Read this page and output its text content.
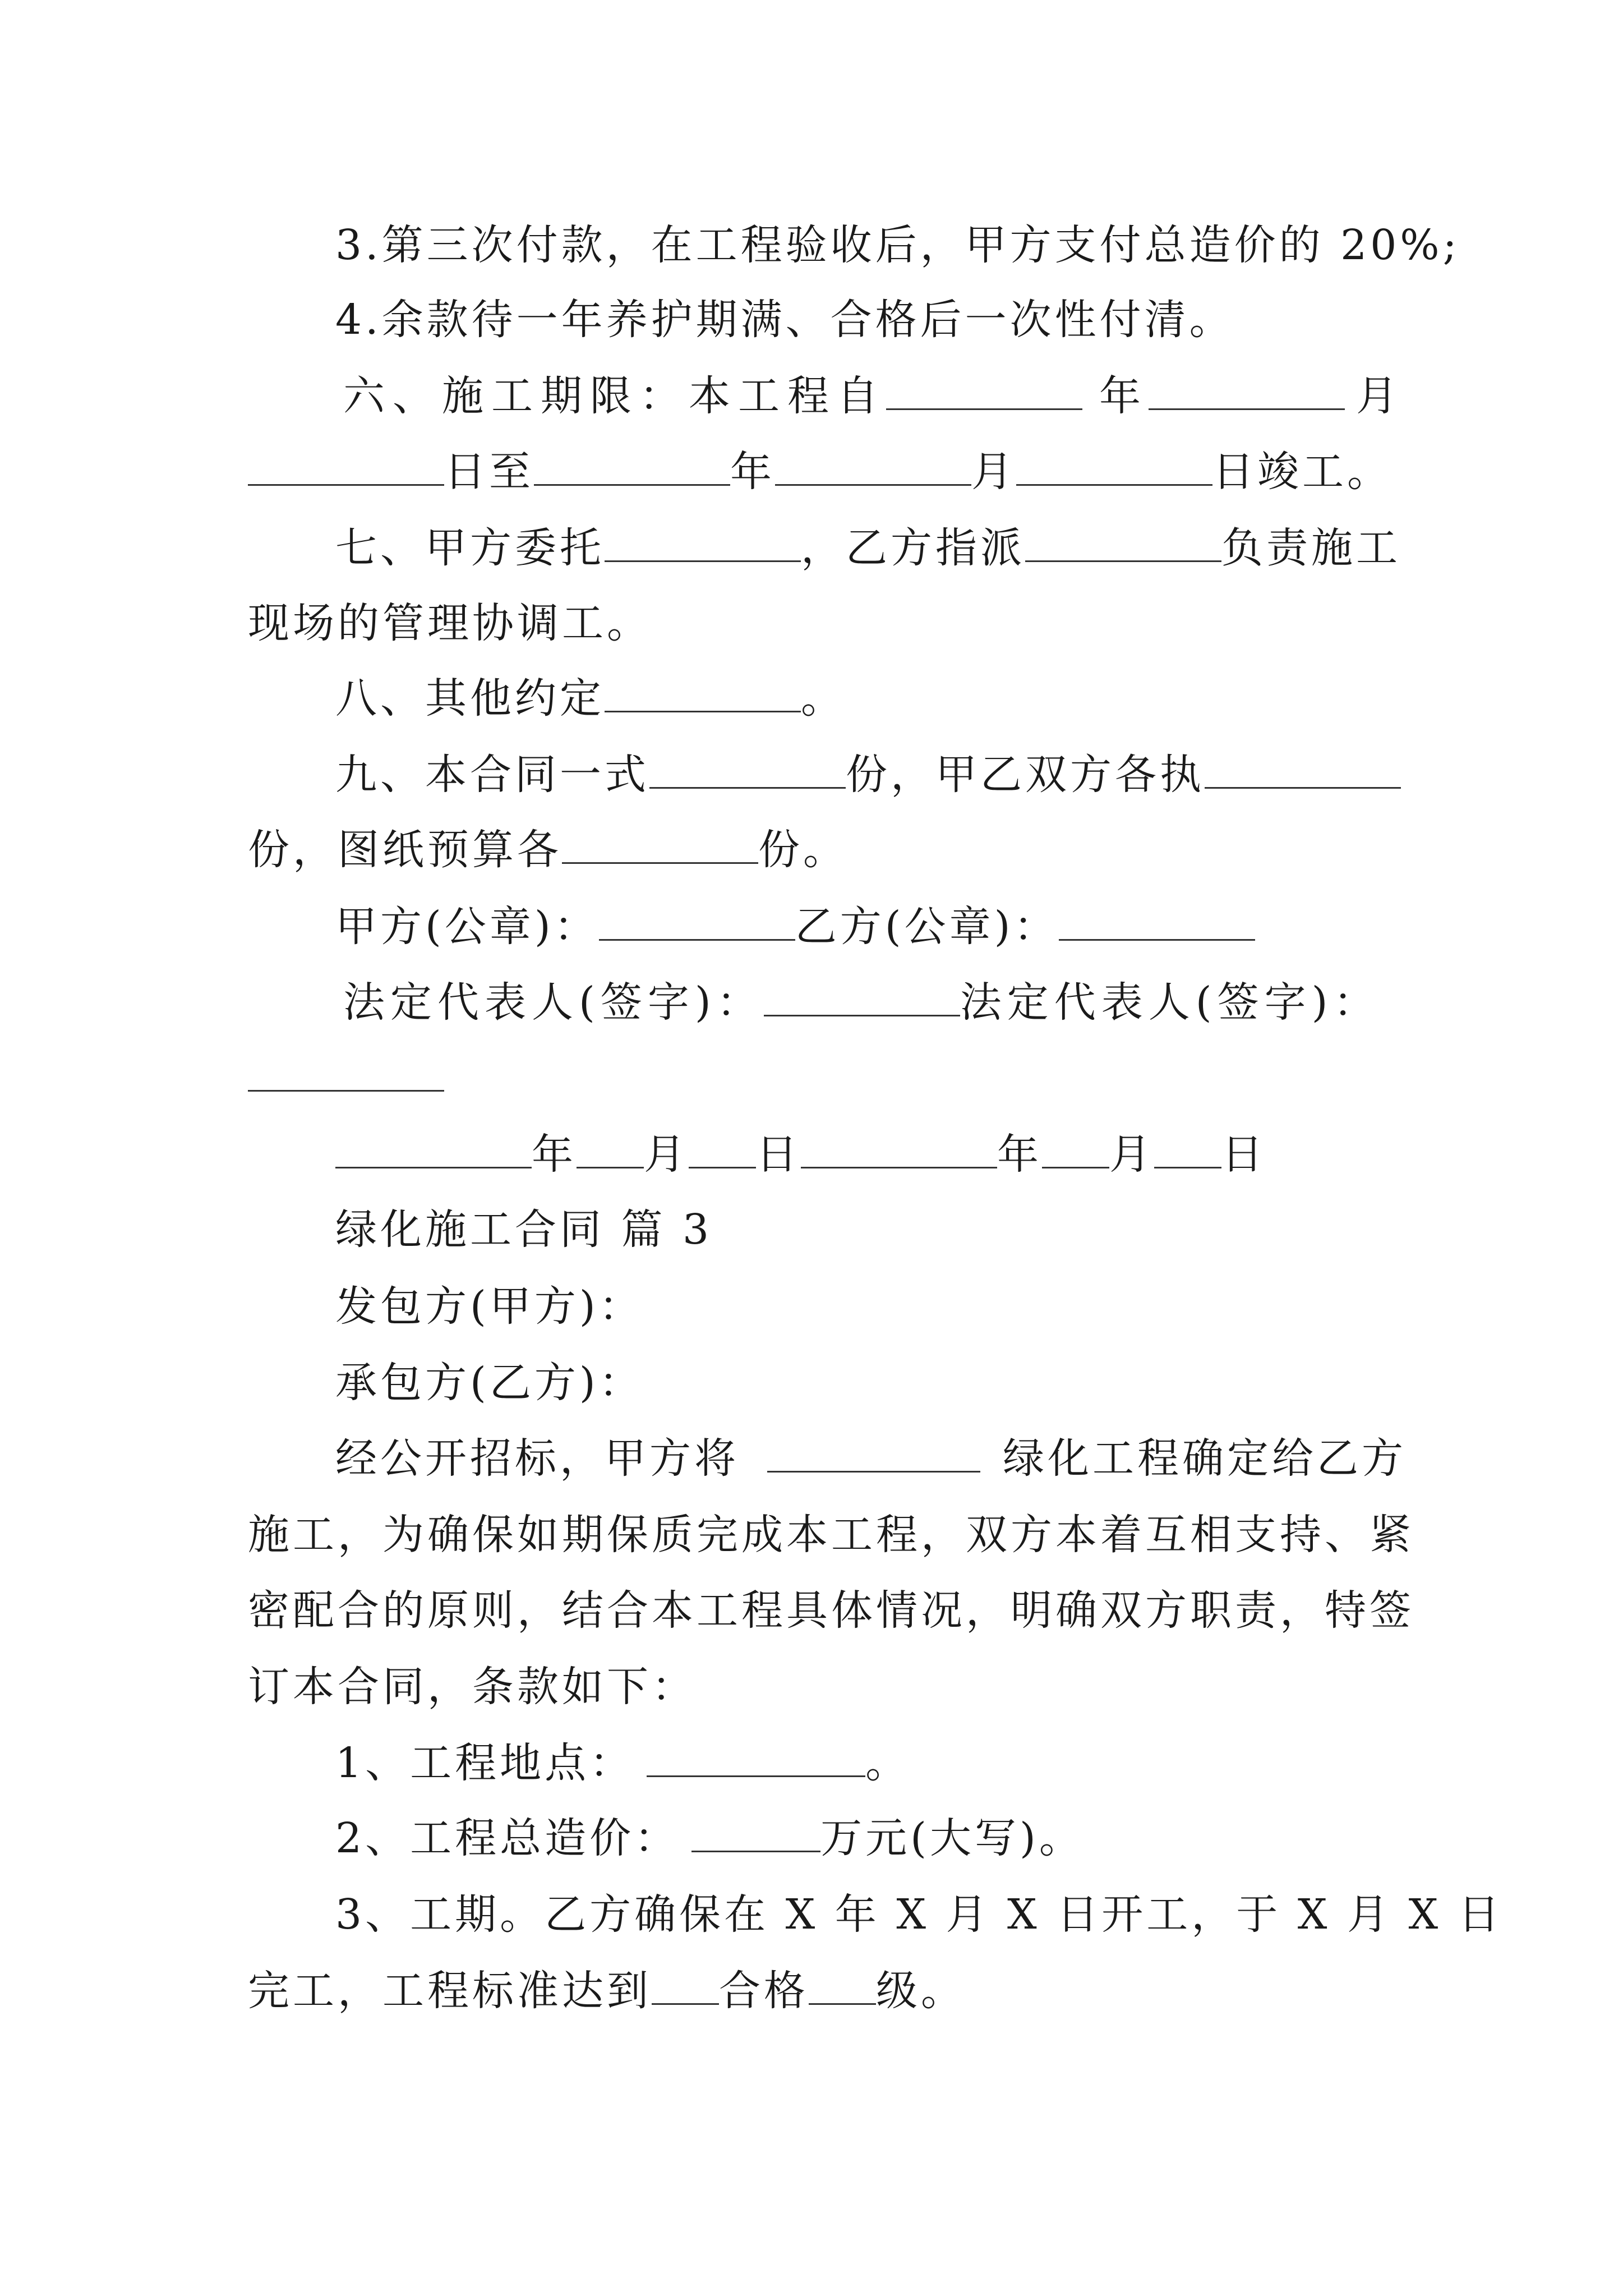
3.第三次付款，在工程验收后，甲方支付总造价的 20%;
4.余款待一年养护期满、合格后一次性付清。
六、施工期限：本工程自	年	月
日至	年	月	日竣工。
七、甲方委托	，乙方指派	负责施工
现场的管理协调工。
八、其他约定	。
九、本合同一式	份，甲乙双方各执
份，图纸预算各	份。
甲方(公章)：	乙方(公章)：
法定代表人(签字)：	法定代表人(签字)：
年 月 日	年 月 日
绿化施工合同 篇 3
发包方(甲方)：
承包方(乙方)：
经公开招标，甲方将	绿化工程确定给乙方
施工，为确保如期保质完成本工程，双方本着互相支持、紧
密配合的原则，结合本工程具体情况，明确双方职责，特签
订本合同，条款如下：
1、工程地点：	。
2、工程总造价：	万元(大写)。
3、工期。乙方确保在 X 年 X 月 X 日开工，于 X 月 X 日
完工，工程标准达到 合格 级。
